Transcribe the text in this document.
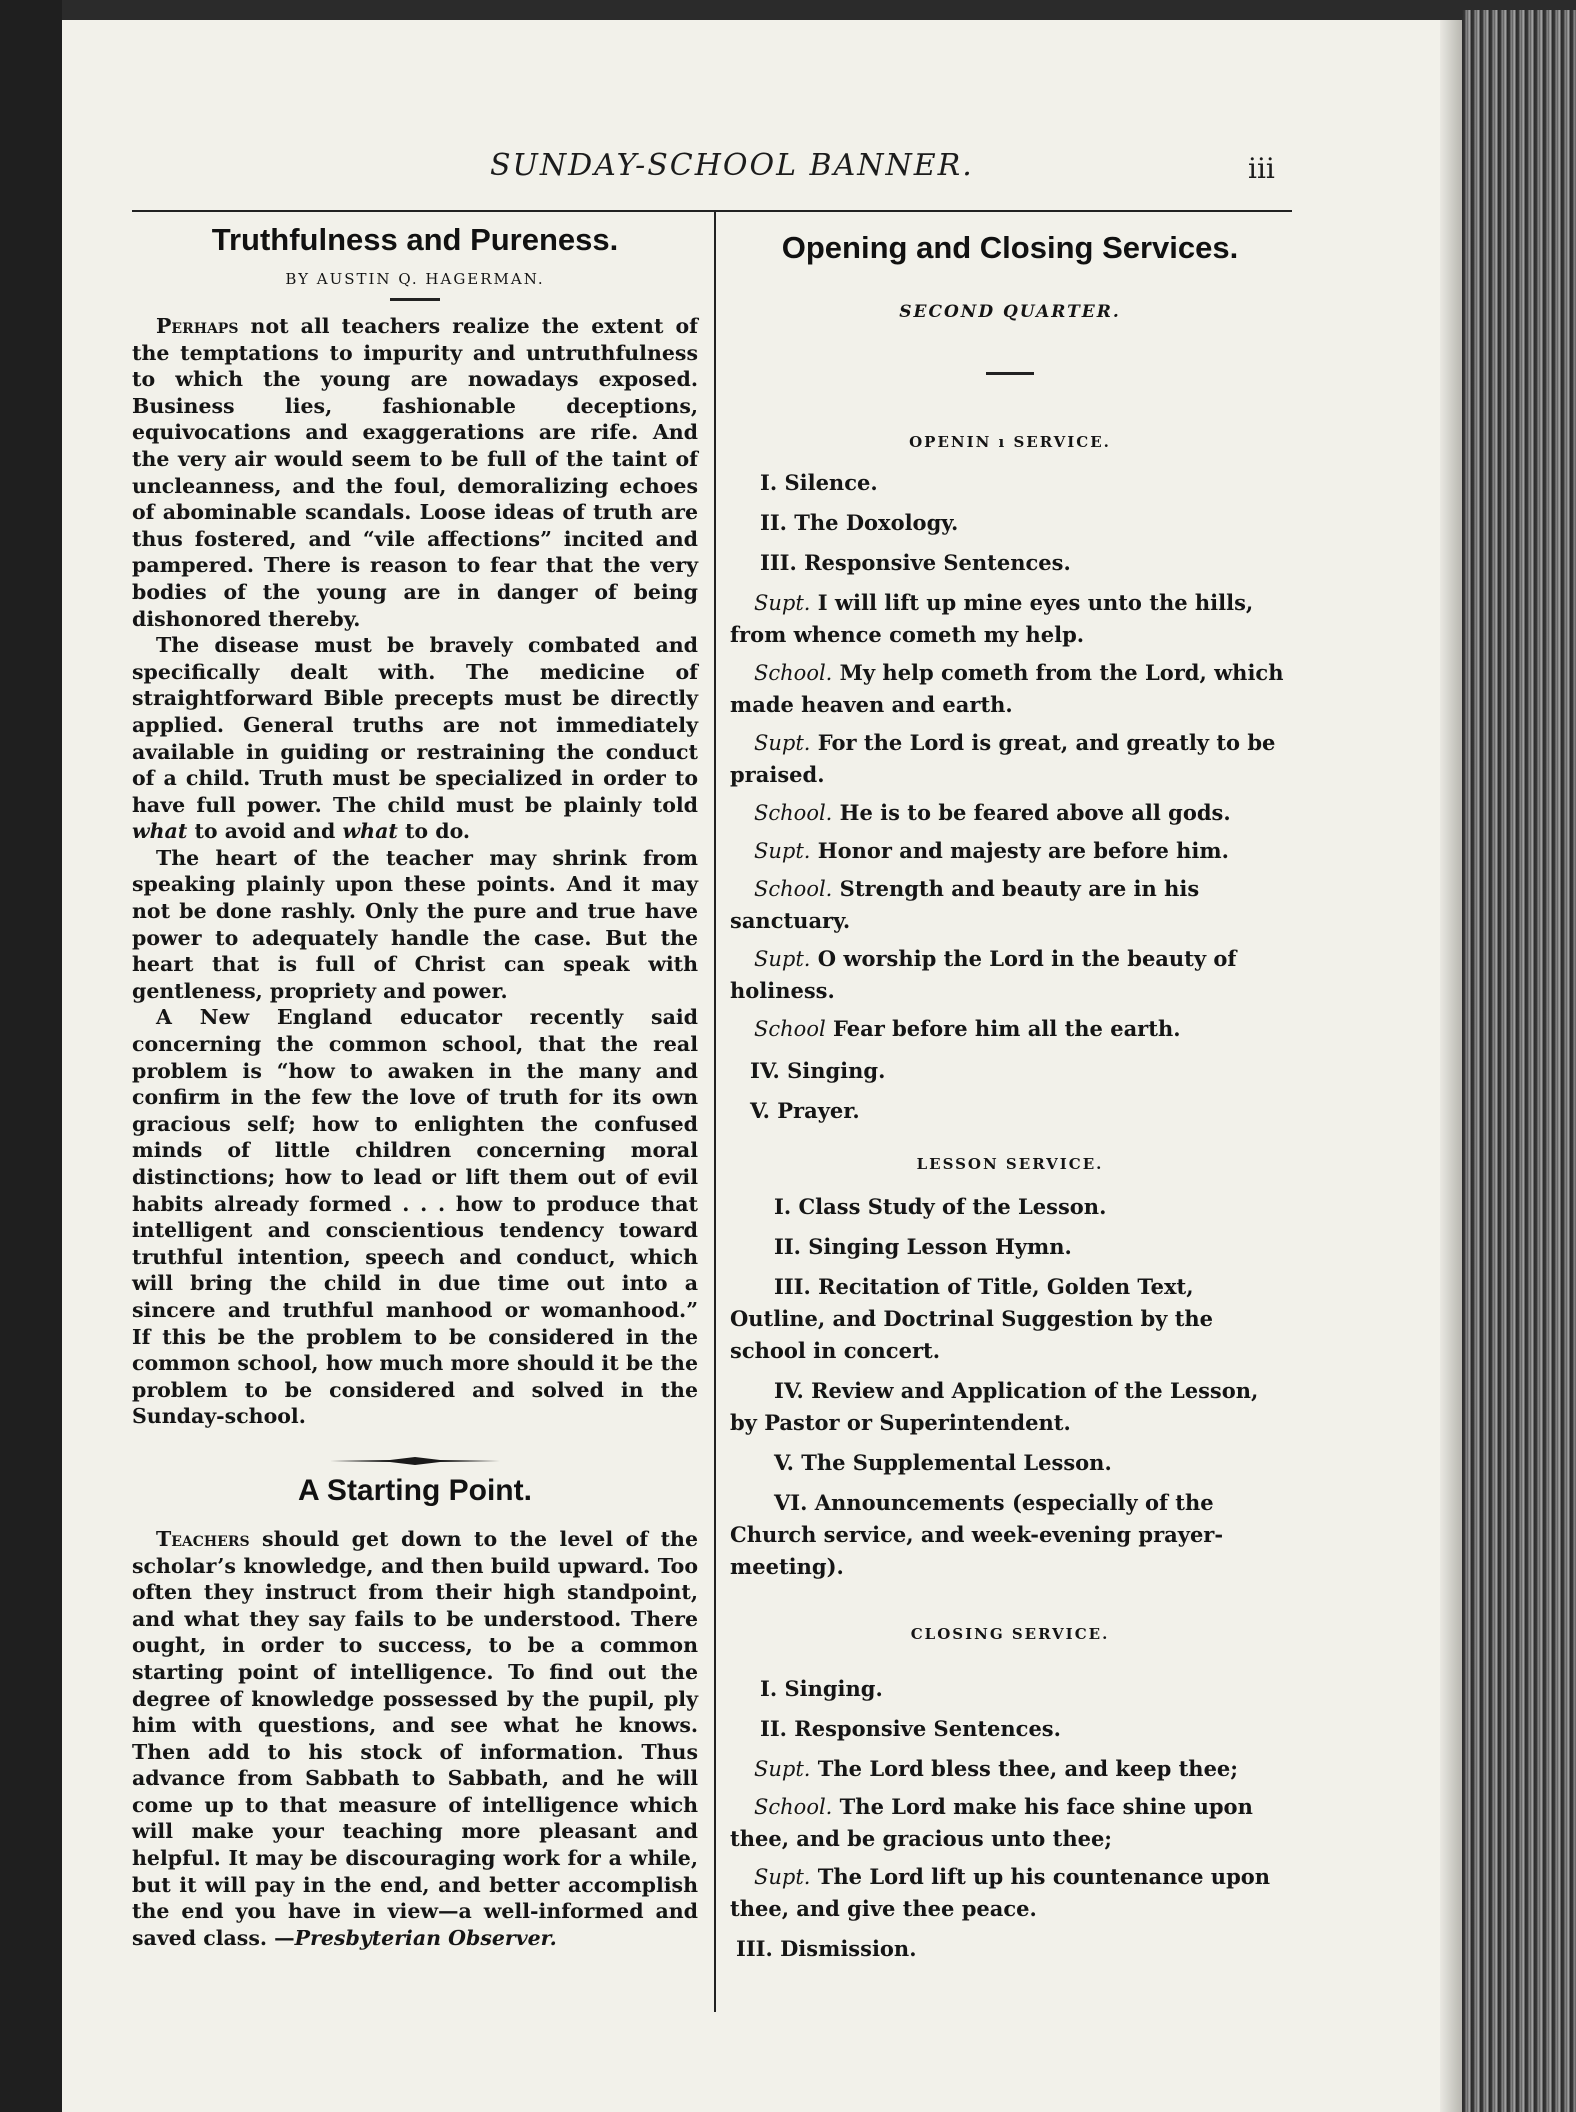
SUNDAY-SCHOOL BANNER.	iii
Truthfulness and Pureness.
BY AUSTIN Q. HAGERMAN.

Perhaps not all teachers realize the extent of the temptations to impurity and untruthfulness to which the young are nowadays exposed. Business lies, fashionable deceptions, equivocations and exaggerations are rife. And the very air would seem to be full of the taint of uncleanness, and the foul, demoralizing echoes of abominable scandals. Loose ideas of truth are thus fostered, and “vile affections” incited and pampered. There is reason to fear that the very bodies of the young are in danger of being dishonored thereby.

The disease must be bravely combated and specifically dealt with. The medicine of straightforward Bible precepts must be directly applied. General truths are not immediately available in guiding or restraining the conduct of a child. Truth must be specialized in order to have full power. The child must be plainly told what to avoid and what to do.

The heart of the teacher may shrink from speaking plainly upon these points. And it may not be done rashly. Only the pure and true have power to adequately handle the case. But the heart that is full of Christ can speak with gentleness, propriety and power.

A New England educator recently said concerning the common school, that the real problem is “how to awaken in the many and confirm in the few the love of truth for its own gracious self; how to enlighten the confused minds of little children concerning moral distinctions; how to lead or lift them out of evil habits already formed . . . how to produce that intelligent and conscientious tendency toward truthful intention, speech and conduct, which will bring the child in due time out into a sincere and truthful manhood or womanhood.” If this be the problem to be considered in the common school, how much more should it be the problem to be considered and solved in the Sunday-school.

A Starting Point.

Teachers should get down to the level of the scholar’s knowledge, and then build upward. Too often they instruct from their high standpoint, and what they say fails to be understood. There ought, in order to success, to be a common starting point of intelligence. To find out the degree of knowledge possessed by the pupil, ply him with questions, and see what he knows. Then add to his stock of information. Thus advance from Sabbath to Sabbath, and he will come up to that measure of intelligence which will make your teaching more pleasant and helpful. It may be discouraging work for a while, but it will pay in the end, and better accomplish the end you have in view—a well-informed and saved class. —Presbyterian Observer.

Opening and Closing Services.
SECOND QUARTER.
OPENIN ı SERVICE.
I. Silence.
II. The Doxology.
III. Responsive Sentences.

Supt. I will lift up mine eyes unto the hills, from whence cometh my help.

School. My help cometh from the Lord, which made heaven and earth.

Supt. For the Lord is great, and greatly to be praised.

School. He is to be feared above all gods.

Supt. Honor and majesty are before him.

School. Strength and beauty are in his sanctuary.

Supt. O worship the Lord in the beauty of holiness.

School Fear before him all the earth.

IV. Singing.
V. Prayer.
LESSON SERVICE.
I. Class Study of the Lesson.
II. Singing Lesson Hymn.
III. Recitation of Title, Golden Text, Outline, and Doctrinal Suggestion by the school in concert.
IV. Review and Application of the Lesson, by Pastor or Superintendent.
V. The Supplemental Lesson.
VI. Announcements (especially of the Church service, and week-evening prayer-meeting).
CLOSING SERVICE.
I. Singing.
II. Responsive Sentences.

Supt. The Lord bless thee, and keep thee;

School. The Lord make his face shine upon thee, and be gracious unto thee;

Supt. The Lord lift up his countenance upon thee, and give thee peace.

III. Dismission.
